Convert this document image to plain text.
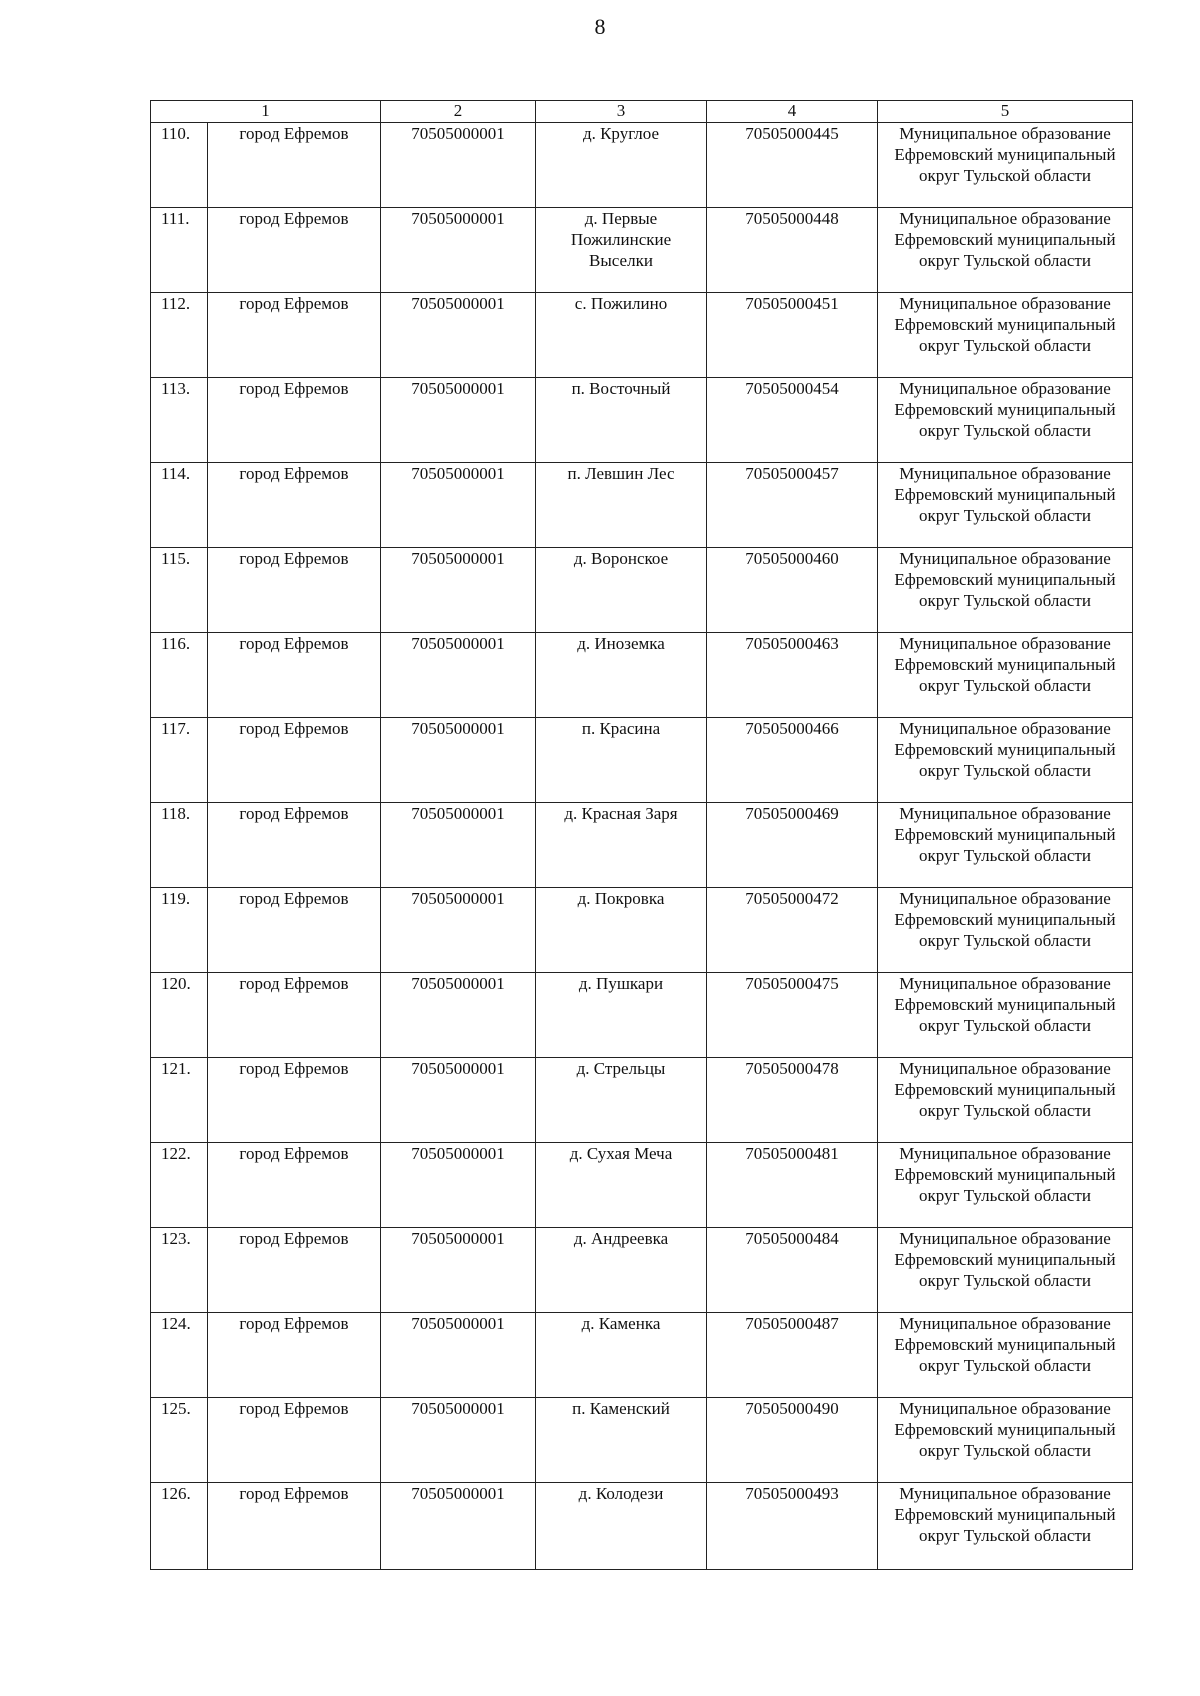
8
1		2	3	4	5
110.	город Ефремов	70505000001	д. Круглое	70505000445	Муниципальное образование Ефремовский муниципальный округ Тульской области
111.	город Ефремов	70505000001	д. Первые Пожилинские Выселки	70505000448	Муниципальное образование Ефремовский муниципальный округ Тульской области
112.	город Ефремов	70505000001	с. Пожилино	70505000451	Муниципальное образование Ефремовский муниципальный округ Тульской области
113.	город Ефремов	70505000001	п. Восточный	70505000454	Муниципальное образование Ефремовский муниципальный округ Тульской области
114.	город Ефремов	70505000001	п. Левшин Лес	70505000457	Муниципальное образование Ефремовский муниципальный округ Тульской области
115.	город Ефремов	70505000001	д. Воронское	70505000460	Муниципальное образование Ефремовский муниципальный округ Тульской области
116.	город Ефремов	70505000001	д. Иноземка	70505000463	Муниципальное образование Ефремовский муниципальный округ Тульской области
117.	город Ефремов	70505000001	п. Красина	70505000466	Муниципальное образование Ефремовский муниципальный округ Тульской области
118.	город Ефремов	70505000001	д. Красная Заря	70505000469	Муниципальное образование Ефремовский муниципальный округ Тульской области
119.	город Ефремов	70505000001	д. Покровка	70505000472	Муниципальное образование Ефремовский муниципальный округ Тульской области
120.	город Ефремов	70505000001	д. Пушкари	70505000475	Муниципальное образование Ефремовский муниципальный округ Тульской области
121.	город Ефремов	70505000001	д. Стрельцы	70505000478	Муниципальное образование Ефремовский муниципальный округ Тульской области
122.	город Ефремов	70505000001	д. Сухая Меча	70505000481	Муниципальное образование Ефремовский муниципальный округ Тульской области
123.	город Ефремов	70505000001	д. Андреевка	70505000484	Муниципальное образование Ефремовский муниципальный округ Тульской области
124.	город Ефремов	70505000001	д. Каменка	70505000487	Муниципальное образование Ефремовский муниципальный округ Тульской области
125.	город Ефремов	70505000001	п. Каменский	70505000490	Муниципальное образование Ефремовский муниципальный округ Тульской области
126.	город Ефремов	70505000001	д. Колодези	70505000493	Муниципальное образование Ефремовский муниципальный округ Тульской области
